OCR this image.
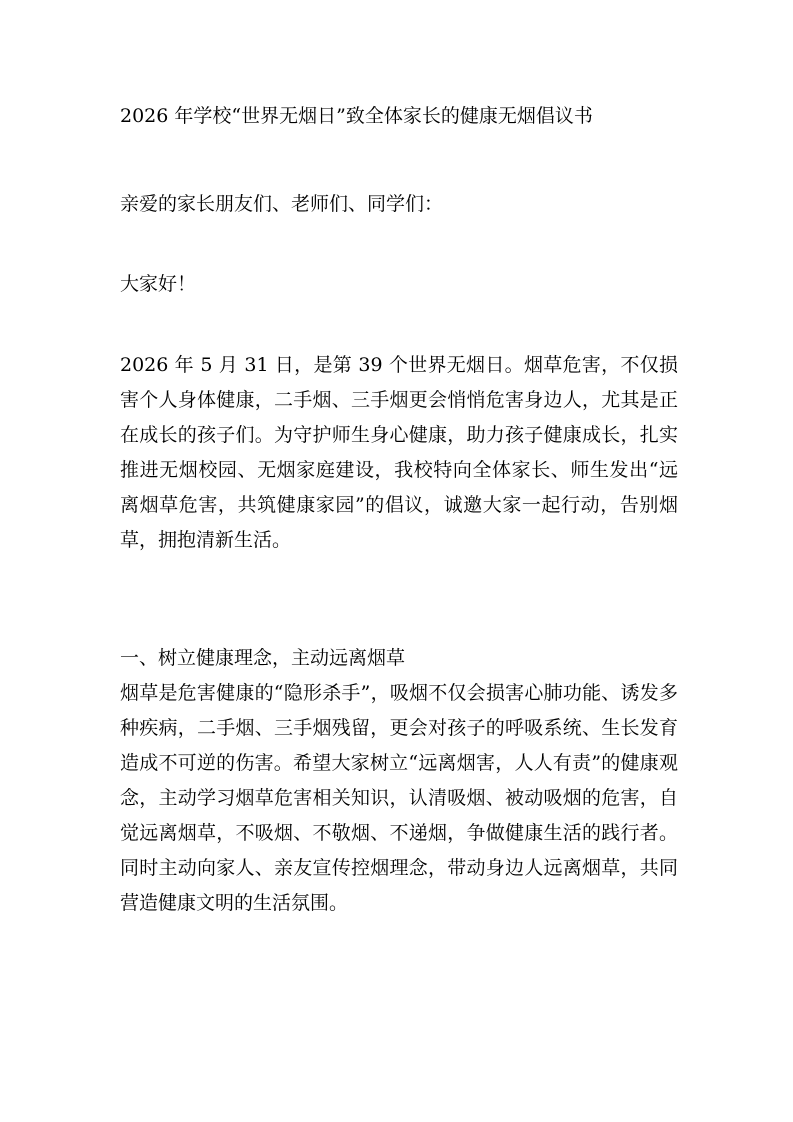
2026 年学校“世界无烟日”致全体家长的健康无烟倡议书

亲爱的家长朋友们、老师们、同学们：

大家好！

2026 年 5 月 31 日，是第 39 个世界无烟日。烟草危害，不仅损害个人身体健康，二手烟、三手烟更会悄悄危害身边人，尤其是正在成长的孩子们。为守护师生身心健康，助力孩子健康成长，扎实推进无烟校园、无烟家庭建设，我校特向全体家长、师生发出“远离烟草危害，共筑健康家园”的倡议，诚邀大家一起行动，告别烟草，拥抱清新生活。

一、树立健康理念，主动远离烟草

烟草是危害健康的“隐形杀手”，吸烟不仅会损害心肺功能、诱发多种疾病，二手烟、三手烟残留，更会对孩子的呼吸系统、生长发育造成不可逆的伤害。希望大家树立“远离烟害，人人有责”的健康观念，主动学习烟草危害相关知识，认清吸烟、被动吸烟的危害，自觉远离烟草，不吸烟、不敬烟、不递烟，争做健康生活的践行者。同时主动向家人、亲友宣传控烟理念，带动身边人远离烟草，共同营造健康文明的生活氛围。
